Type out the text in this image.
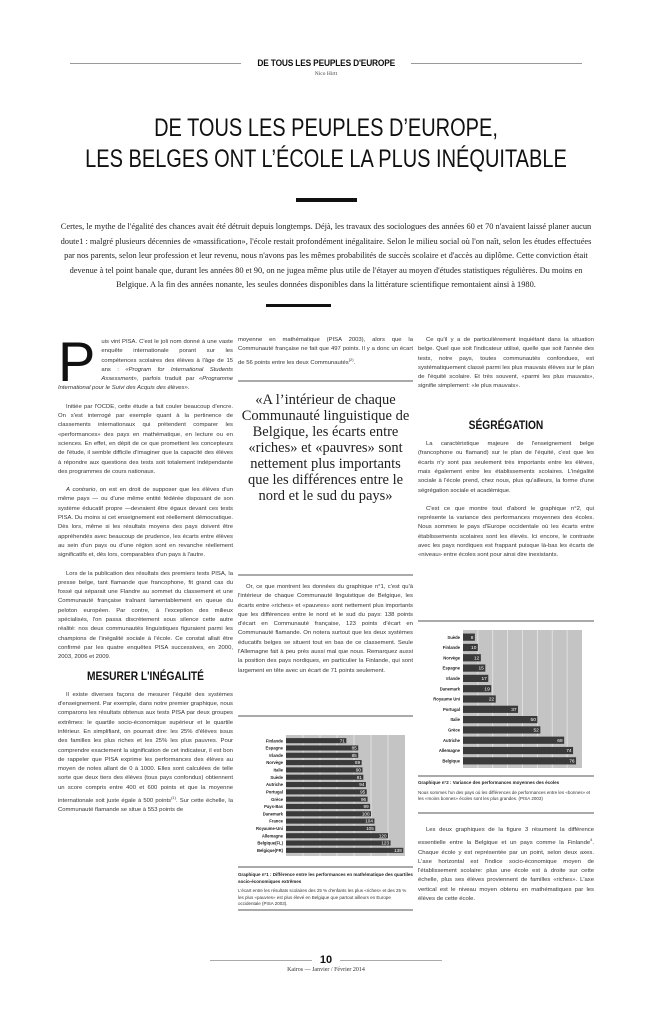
DE TOUS LES PEUPLES D'EUROPE
Nico Hirtt
DE TOUS LES PEUPLES D’EUROPE,
LES BELGES ONT L’ÉCOLE LA PLUS INÉQUITABLE
Certes, le mythe de l'égalité des chances avait été détruit depuis longtemps. Déjà, les travaux des sociologues des années 60 et 70 n'avaient laissé planer aucun doute1 : malgré plusieurs décennies de «massification», l'école restait profondément inégalitaire. Selon le milieu social où l'on naît, selon les études effectuées par nos parents, selon leur profession et leur revenu, nous n'avons pas les mêmes probabilités de succès scolaire et d'accès au diplôme. Cette conviction était devenue à tel point banale que, durant les années 80 et 90, on ne jugea même plus utile de l'étayer au moyen d'études statistiques régulières. Du moins en Belgique. A la fin des années nonante, les seules données disponibles dans la littérature scientifique remontaient ainsi à 1980.

P uis vint PISA. C'est le joli nom donné à une vaste enquête internationale porant sur les compétences scolaires des élèves à l'âge de 15 ans : «Program for International Students Assessment», parfois traduit par «Programme International pour le Suivi des Acquis des élèves».

Initiée par l'OCDE, cette étude a fait couler beaucoup d'encre. On s'est interrogé par exemple quant à la pertinence de classements internationaux qui prétendent comparer les «performances» des pays en mathématique, en lecture ou en sciences. En effet, en dépit de ce que promettent les concepteurs de l'étude, il semble difficile d'imaginer que la capacité des élèves à répondre aux questions des tests soit totalement indépendante des programmes de cours nationaux.

A contrario, on est en droit de supposer que les élèves d'un même pays — ou d'une même entité fédérée disposant de son système éducatif propre —devraient être égaux devant ces tests PISA. Du moins si cet enseignement est réellement démocratique. Dès lors, même si les résultats moyens des pays doivent être appréhendés avec beaucoup de prudence, les écarts entre élèves au sein d'un pays ou d'une région sont en revanche réellement significatifs et, dès lors, comparables d'un pays à l'autre.

Lors de la publication des résultats des premiers tests PISA, la presse belge, tant flamande que francophone, fit grand cas du fossé qui séparait une Flandre au sommet du classement et une Communauté française traînant lamentablement en queue du peloton européen. Par contre, à l'exception des milieux spécialisés, l'on passa discrètement sous silence cette autre réalité: nos deux communautés linguistiques figuraient parmi les champions de l'inégalité sociale à l'école. Ce constat allait être confirmé par les quatre enquêtes PISA successives, en 2000, 2003, 2006 et 2009.

MESURER L'INÉGALITÉ

Il existe diverses façons de mesurer l'équité des systèmes d'enseignement. Par exemple, dans notre premier graphique, nous comparons les résultats obtenus aux tests PISA par deux groupes extrêmes: le quartile socio-économique supérieur et le quartile inférieur. En simplifiant, on pourrait dire: les 25% d'élèves issus des familles les plus riches et les 25% les plus pauvres. Pour comprendre exactement la signification de cet indicateur, il est bon de rappeler que PISA exprime les performances des élèves au moyen de notes allant de 0 à 1000. Elles sont calculées de telle sorte que deux tiers des élèves (tous pays confondus) obtiennent un score compris entre 400 et 600 points et que la moyenne internationale soit juste égale à 500 points$^{(1)}$. Sur cette échelle, la Communauté flamande se situe à 553 points de

moyenne en mathématique (PISA 2003), alors que la Communauté française ne fait que 497 points. Il y a donc un écart de 56 points entre les deux Communautés$^{(2)}$.

«A l’intérieur de chaque Communauté linguistique de Belgique, les écarts entre «riches» et «pauvres» sont nettement plus importants que les différences entre le nord et le sud du pays»

Or, ce que montrent les données du graphique n°1, c'est qu'à l'intérieur de chaque Communauté linguistique de Belgique, les écarts entre «riches» et «pauvres» sont nettement plus importants que les différences entre le nord et le sud du pays: 138 points d'écart en Communauté française, 123 points d'écart en Communauté flamande. On notera surtout que les deux systèmes éducatifs belges se situent tout en bas de ce classement. Seule l'Allemagne fait à peu près aussi mal que nous. Remarquez aussi la position des pays nordiques, en particulier la Finlande, qui sont largement en tête avec un écart de 71 points seulement.

71
Finlande
85
Espagne
85
Irlande
89
Norvège
90
Italie
91
Suède
94
Autriche
95
Portugal
96
Grèce
99
Pays-Bas
100
Danemark
104
France
105
Royaume-Uni
120
Allemagne
123
Belgique(FL)
138
Belgique(FR)
Graphique n°1 : Différence entre les performances en mathématique des quartiles socio-économiques extrêmes
L'écart entre les résultats scolaires des 25 % d'enfants les plus «riches» et des 25 % les plus «pauvres» est plus élevé en Belgique que partout ailleurs en Europe occidentale (PISA 2003).

Ce qu'il y a de particulièrement inquiétant dans la situation belge. Quel que soit l'indicateur utilisé, quelle que soit l'année des tests, notre pays, toutes communautés confondues, est systématiquement classé parmi les plus mauvais élèves sur le plan de l'équité scolaire. Et très souvent, «parmi les plus mauvais», signifie simplement: «le plus mauvais».

SÉGRÉGATION

La caractéristique majeure de l'enseignement belge (francophone ou flamand) sur le plan de l'équité, c'est que les écarts n'y sont pas seulement très importants entre les élèves, mais également entre les établissements scolaires. L'inégalité sociale à l'école prend, chez nous, plus qu'ailleurs, la forme d'une ségrégation sociale et académique.

C'est ce que montre tout d'abord le graphique n°2, qui représente la variance des performances moyennes des écoles. Nous sommes le pays d'Europe occidentale où les écarts entre établissements scolaires sont les élevés. Ici encore, le contraste avec les pays nordiques est frappant puisque là-bas les écarts de «niveau» entre écoles sont pour ainsi dire inexistants.

8
Suède
10
Finlande
12
Norvège
15
Espagne
17
Irlande
19
Danemark
22
Royaume Uni
37
Portugal
50
Italie
52
Grèce
68
Autriche
74
Allemagne
76
Belgique
Graphique n°2 : Variance des performances moyennes des écoles
Nous sommes l'un des pays où les différences de performances entre les «bonnes» et les «moins bonnes» écoles sont les plus grandes. (PISA 2003)

Les deux graphiques de la figure 3 résument la différence essentielle entre la Belgique et un pays comme la Finlande$^4$. Chaque école y est représentée par un point, selon deux axes. L'axe horizontal est l'indice socio-économique moyen de l'établissement scolaire: plus une école est à droite sur cette échelle, plus ses élèves proviennent de familles «riches». L'axe vertical est le niveau moyen obtenu en mathématiques par les élèves de cette école.

10
Kairos — Janvier / Février 2014
